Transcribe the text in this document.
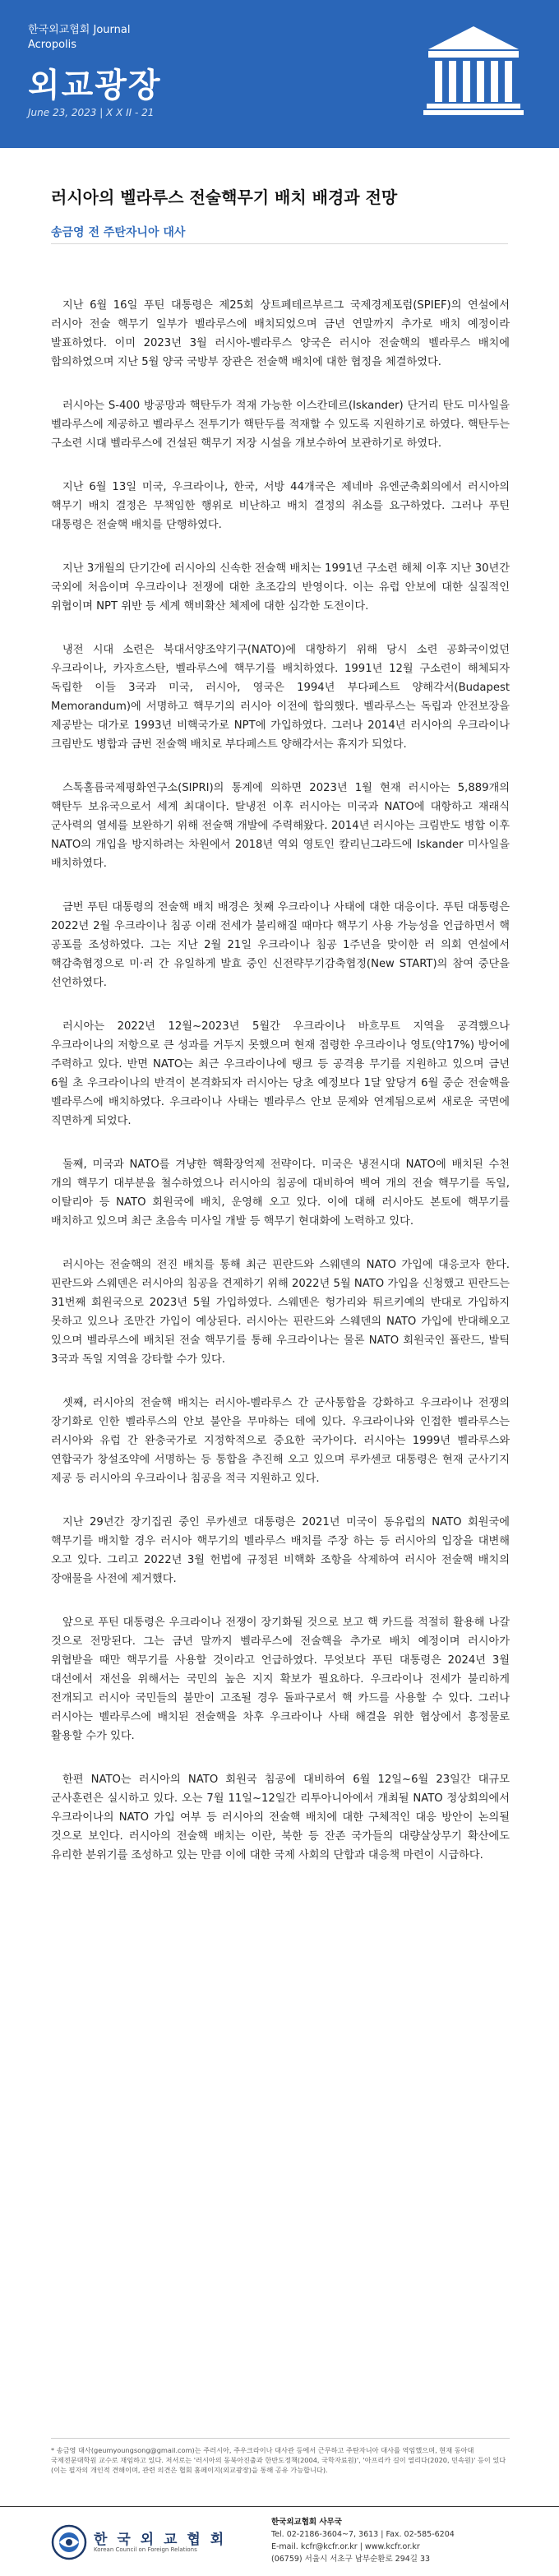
한국외교협회 Journal
Acropolis
외교광장
June 23, 2023 | X X II - 21
러시아의 벨라루스 전술핵무기 배치 배경과 전망
송금영 전 주탄자니아 대사

지난 6월 16일 푸틴 대통령은 제25회 상트페테르부르그 국제경제포럼(SPIEF)의 연설에서 러시아 전술 핵무기 일부가 벨라루스에 배치되었으며 금년 연말까지 추가로 배치 예정이라 발표하였다. 이미 2023년 3월 러시아-벨라루스 양국은 러시아 전술핵의 벨라루스 배치에 합의하였으며 지난 5월 양국 국방부 장관은 전술핵 배치에 대한 협정을 체결하였다.

러시아는 S-400 방공망과 핵탄두가 적재 가능한 이스칸데르(Iskander) 단거리 탄도 미사일을 벨라루스에 제공하고 벨라루스 전투기가 핵탄두를 적재할 수 있도록 지원하기로 하였다. 핵탄두는 구소련 시대 벨라루스에 건설된 핵무기 저장 시설을 개보수하여 보관하기로 하였다.

지난 6월 13일 미국, 우크라이나, 한국, 서방 44개국은 제네바 유엔군축회의에서 러시아의 핵무기 배치 결정은 무책임한 행위로 비난하고 배치 결정의 취소를 요구하였다. 그러나 푸틴 대통령은 전술핵 배치를 단행하였다.

지난 3개월의 단기간에 러시아의 신속한 전술핵 배치는 1991년 구소련 해체 이후 지난 30년간 국외에 처음이며 우크라이나 전쟁에 대한 초조감의 반영이다. 이는 유럽 안보에 대한 실질적인 위협이며 NPT 위반 등 세계 핵비확산 체제에 대한 심각한 도전이다.

냉전 시대 소련은 북대서양조약기구(NATO)에 대항하기 위해 당시 소련 공화국이었던 우크라이나, 카자흐스탄, 벨라루스에 핵무기를 배치하였다. 1991년 12월 구소련이 해체되자 독립한 이들 3국과 미국, 러시아, 영국은 1994년 부다페스트 양해각서(Budapest Memorandum)에 서명하고 핵무기의 러시아 이전에 합의했다. 벨라루스는 독립과 안전보장을 제공받는 대가로 1993년 비핵국가로 NPT에 가입하였다. 그러나 2014년 러시아의 우크라이나 크림반도 병합과 금번 전술핵 배치로 부다페스트 양해각서는 휴지가 되었다.

스톡홀름국제평화연구소(SIPRI)의 통계에 의하면 2023년 1월 현재 러시아는 5,889개의 핵탄두 보유국으로서 세계 최대이다. 탈냉전 이후 러시아는 미국과 NATO에 대항하고 재래식 군사력의 열세를 보완하기 위해 전술핵 개발에 주력해왔다. 2014년 러시아는 크림반도 병합 이후 NATO의 개입을 방지하려는 차원에서 2018년 역외 영토인 칼리닌그라드에 Iskander 미사일을 배치하였다.

금번 푸틴 대통령의 전술핵 배치 배경은 첫째 우크라이나 사태에 대한 대응이다. 푸틴 대통령은 2022년 2월 우크라이나 침공 이래 전세가 불리해질 때마다 핵무기 사용 가능성을 언급하면서 핵 공포를 조성하였다. 그는 지난 2월 21일 우크라이나 침공 1주년을 맞이한 러 의회 연설에서 핵감축협정으로 미·러 간 유일하게 발효 중인 신전략무기감축협정(New START)의 참여 중단을 선언하였다.

러시아는 2022년 12월~2023년 5월간 우크라이나 바흐무트 지역을 공격했으나 우크라이나의 저항으로 큰 성과를 거두지 못했으며 현재 점령한 우크라이나 영토(약17%) 방어에 주력하고 있다. 반면 NATO는 최근 우크라이나에 탱크 등 공격용 무기를 지원하고 있으며 금년 6월 초 우크라이나의 반격이 본격화되자 러시아는 당초 예정보다 1달 앞당겨 6월 중순 전술핵을 벨라루스에 배치하였다. 우크라이나 사태는 벨라루스 안보 문제와 연계됨으로써 새로운 국면에 직면하게 되었다.

둘째, 미국과 NATO를 겨냥한 핵확장억제 전략이다. 미국은 냉전시대 NATO에 배치된 수천 개의 핵무기 대부분을 철수하였으나 러시아의 침공에 대비하여 벡여 개의 전술 핵무기를 독일, 이탈리아 등 NATO 회원국에 배치, 운영해 오고 있다. 이에 대해 러시아도 본토에 핵무기를 배치하고 있으며 최근 초음속 미사일 개발 등 핵무기 현대화에 노력하고 있다.

러시아는 전술핵의 전진 배치를 통해 최근 핀란드와 스웨덴의 NATO 가입에 대응코자 한다. 핀란드와 스웨덴은 러시아의 침공을 견제하기 위해 2022년 5월 NATO 가입을 신청했고 핀란드는 31번째 회원국으로 2023년 5월 가입하였다. 스웨덴은 헝가리와 튀르키예의 반대로 가입하지 못하고 있으나 조만간 가입이 예상된다. 러시아는 핀란드와 스웨덴의 NATO 가입에 반대해오고 있으며 벨라루스에 배치된 전술 핵무기를 통해 우크라이나는 물론 NATO 회원국인 폴란드, 발틱 3국과 독일 지역을 강타할 수가 있다.

셋째, 러시아의 전술핵 배치는 러시아-벨라루스 간 군사통합을 강화하고 우크라이나 전쟁의 장기화로 인한 벨라루스의 안보 불안을 무마하는 데에 있다. 우크라이나와 인접한 벨라루스는 러시아와 유럽 간 완충국가로 지정학적으로 중요한 국가이다. 러시아는 1999년 벨라루스와 연합국가 창설조약에 서명하는 등 통합을 추진해 오고 있으며 루카센코 대통령은 현재 군사기지 제공 등 러시아의 우크라이나 침공을 적극 지원하고 있다.

지난 29년간 장기집권 중인 루카센코 대통령은 2021년 미국이 동유럽의 NATO 회원국에 핵무기를 배치할 경우 러시아 핵무기의 벨라루스 배치를 주장 하는 등 러시아의 입장을 대변해 오고 있다. 그리고 2022년 3월 헌법에 규정된 비핵화 조항을 삭제하여 러시아 전술핵 배치의 장애물을 사전에 제거했다.

앞으로 푸틴 대통령은 우크라이나 전쟁이 장기화될 것으로 보고 핵 카드를 적절히 활용해 나갈 것으로 전망된다. 그는 금년 말까지 벨라루스에 전술핵을 추가로 배치 예정이며 러시아가 위협받을 때만 핵무기를 사용할 것이라고 언급하였다. 무엇보다 푸틴 대통령은 2024년 3월 대선에서 재선을 위해서는 국민의 높은 지지 확보가 필요하다. 우크라이나 전세가 불리하게 전개되고 러시아 국민들의 불만이 고조될 경우 돌파구로서 핵 카드를 사용할 수 있다. 그러나 러시아는 벨라루스에 배치된 전술핵을 차후 우크라이나 사태 해결을 위한 협상에서 흥정물로 활용할 수가 있다.

한편 NATO는 러시아의 NATO 회원국 침공에 대비하여 6월 12일~6월 23일간 대규모 군사훈련은 실시하고 있다. 오는 7월 11일~12일간 리투아니아에서 개최될 NATO 정상회의에서 우크라이나의 NATO 가입 여부 등 러시아의 전술핵 배치에 대한 구체적인 대응 방안이 논의될 것으로 보인다. 러시아의 전술핵 배치는 이란, 북한 등 잔존 국가들의 대량살상무기 확산에도 유리한 분위기를 조성하고 있는 만큼 이에 대한 국제 사회의 단합과 대응책 마련이 시급하다.

* 송금영 대사(geumyoungsong@gmail.com)는 주러시아, 주우크라이나 대사관 등에서 근무하고 주탄자니아 대사를 역임했으며, 현재 동아대 국제전문대학원 교수로 재임하고 있다. 저서로는 '러시아의 동북아진출과 한반도정책(2004, 국학자료원)', '아프리카 길이 열리다(2020, 민속원)' 등이 있다(이는 필자의 개인적 견해이며, 관련 의견은 협회 홈페이지(외교광장)을 통해 공유 가능합니다).
한 국 외 교 협 회
Korean Council on Foreign Relations
한국외교협회 사무국
Tel. 02-2186-3604~7, 3613 | Fax. 02-585-6204
E-mail. kcfr@kcfr.or.kr | www.kcfr.or.kr
(06759) 서울시 서초구 남부순환로 294길 33
